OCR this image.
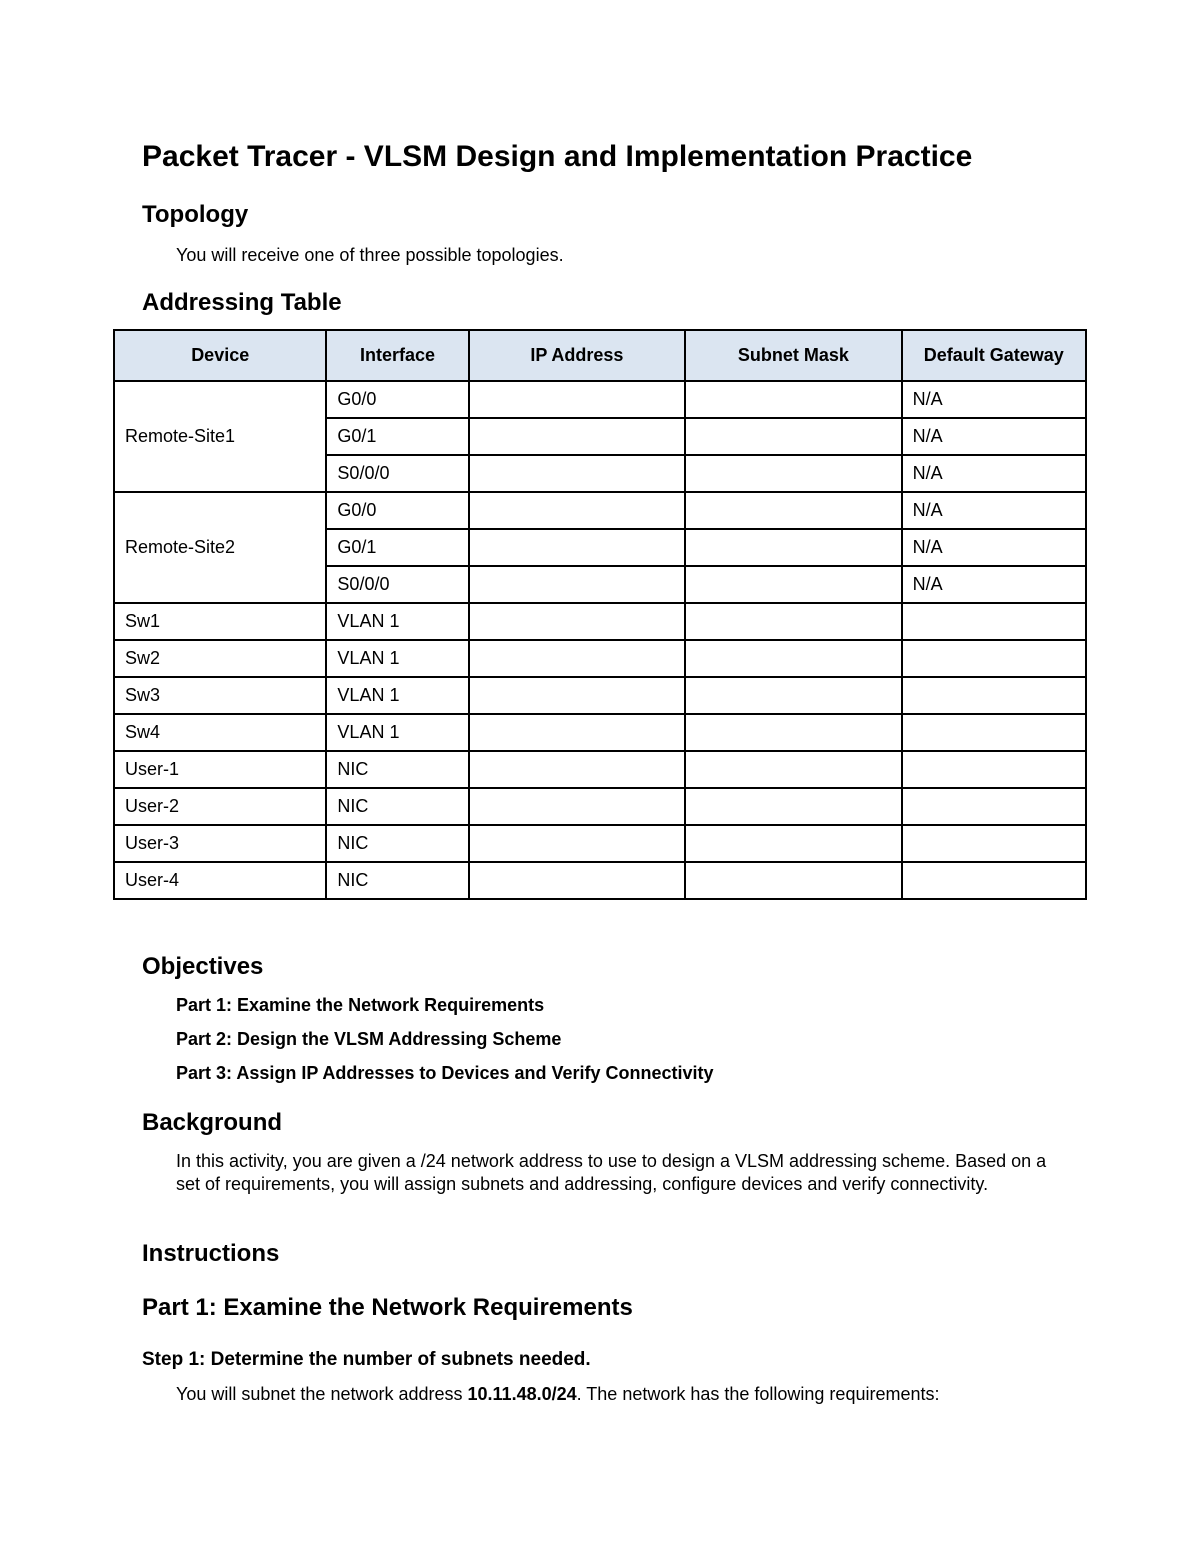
Packet Tracer - VLSM Design and Implementation Practice
Topology

You will receive one of three possible topologies.

Addressing Table
Device	Interface	IP Address	Subnet Mask	Default Gateway
Remote-Site1	G0/0			N/A
	G0/1			N/A
	S0/0/0			N/A
Remote-Site2	G0/0			N/A
	G0/1			N/A
	S0/0/0			N/A
Sw1	VLAN 1			
Sw2	VLAN 1			
Sw3	VLAN 1			
Sw4	VLAN 1			
User-1	NIC			
User-2	NIC			
User-3	NIC			
User-4	NIC			
Objectives

Part 1: Examine the Network Requirements

Part 2: Design the VLSM Addressing Scheme

Part 3: Assign IP Addresses to Devices and Verify Connectivity

Background

In this activity, you are given a /24 network address to use to design a VLSM addressing scheme. Based on a set of requirements, you will assign subnets and addressing, configure devices and verify connectivity.

Instructions
Part 1: Examine the Network Requirements
Step 1: Determine the number of subnets needed.

You will subnet the network address 10.11.48.0/24. The network has the following requirements:
